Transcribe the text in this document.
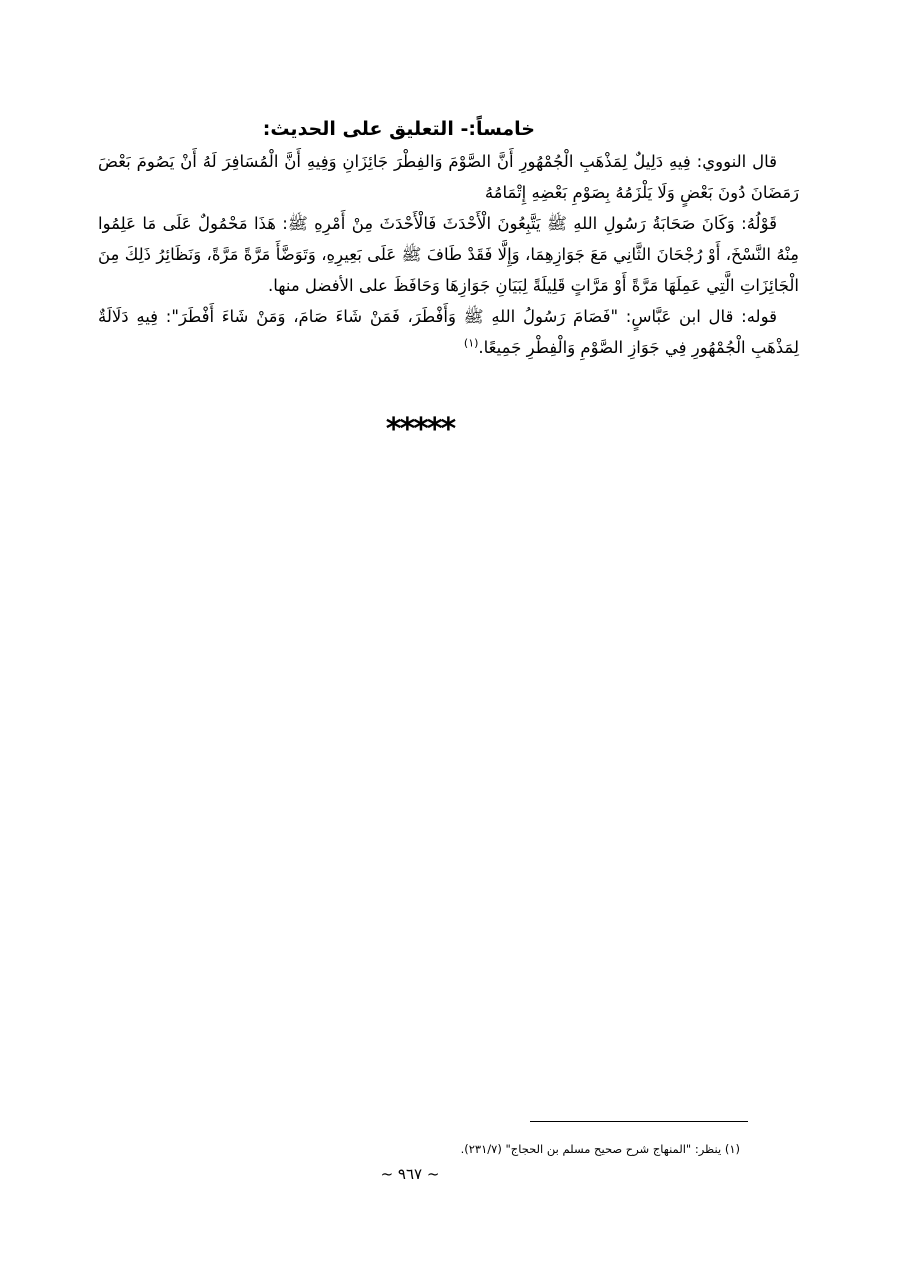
خامساً:- التعليق على الحديث:

قال النووي: فِيهِ دَلِيلٌ لِمَذْهَبِ الْجُمْهُورِ أَنَّ الصَّوْمَ وَالفِطْرَ جَائِزَانِ وَفِيهِ أَنَّ الْمُسَافِرَ لَهُ أَنْ يَصُومَ بَعْضَ رَمَضَانَ دُونَ بَعْضٍ وَلَا يَلْزَمُهُ بِصَوْمِ بَعْضِهِ إِتْمَامُهُ

قَوْلُهُ: وَكَانَ صَحَابَةُ رَسُولِ اللهِ ﷺ يَتَّبِعُونَ الْأَحْدَثَ فَالْأَحْدَثَ مِنْ أَمْرِهِ ﷺ: هَذَا مَحْمُولٌ عَلَى مَا عَلِمُوا مِنْهُ النَّسْخَ، أَوْ رُجْحَانَ الثَّانِي مَعَ جَوَازِهِمَا، وَإِلَّا فَقَدْ طَافَ ﷺ عَلَى بَعِيرِهِ، وَتَوَضَّأَ مَرَّةً مَرَّةً، وَنَظَائِرُ ذَلِكَ مِنَ الْجَائِزَاتِ الَّتِي عَمِلَهَا مَرَّةً أَوْ مَرَّاتٍ قَلِيلَةً لِبَيَانِ جَوَازِهَا وَحَافَظَ على الأفضل منها.

قوله: قال ابن عَبَّاسٍ: "فَصَامَ رَسُولُ اللهِ ﷺ وَأَفْطَرَ، فَمَنْ شَاءَ صَامَ، وَمَنْ شَاءَ أَفْطَرَ": فِيهِ دَلَالَةٌ لِمَذْهَبِ الْجُمْهُورِ فِي جَوَازِ الصَّوْمِ وَالْفِطْرِ جَمِيعًا.$^{(١)}$

*****
(١) ينظر: "المنهاج شرح صحيح مسلم بن الحجاج" (٢٣١/٧).
~ ٩٦٧ ~
